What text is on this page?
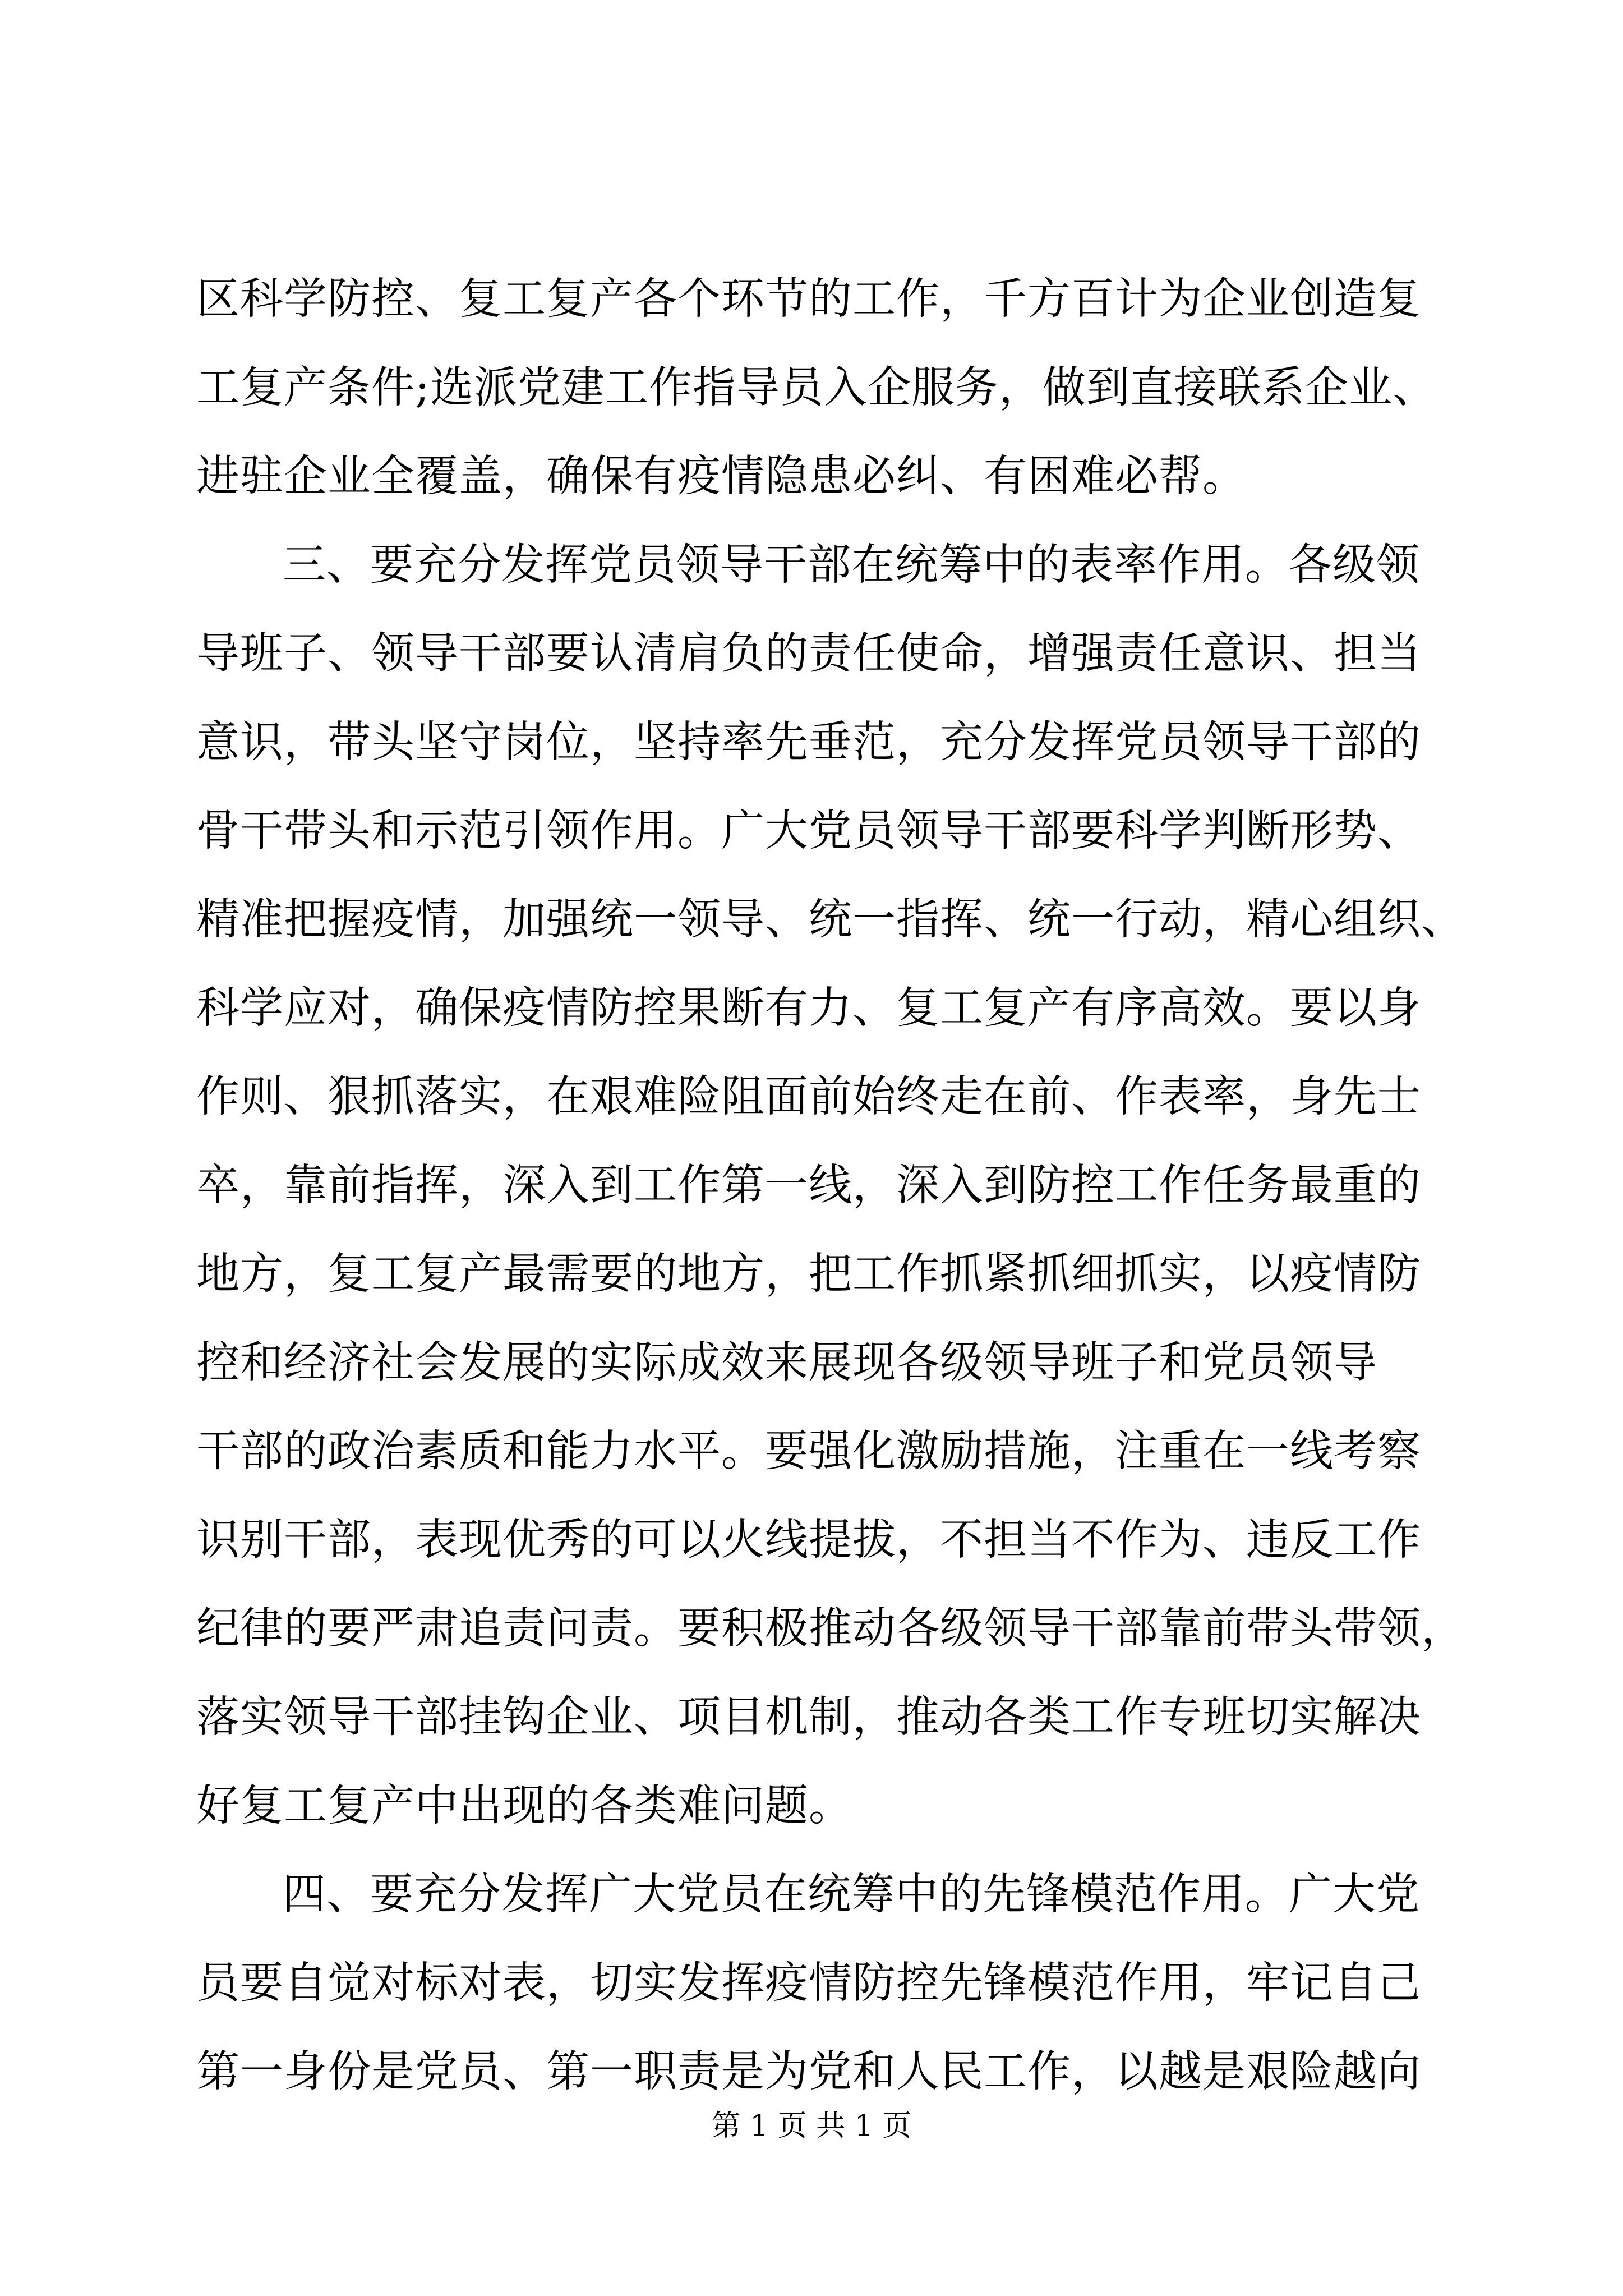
区科学防控、复工复产各个环节的工作，千方百计为企业创造复
工复产条件;选派党建工作指导员入企服务，做到直接联系企业、
进驻企业全覆盖，确保有疫情隐患必纠、有困难必帮。
三、要充分发挥党员领导干部在统筹中的表率作用。各级领
导班子、领导干部要认清肩负的责任使命，增强责任意识、担当
意识，带头坚守岗位，坚持率先垂范，充分发挥党员领导干部的
骨干带头和示范引领作用。广大党员领导干部要科学判断形势、
精准把握疫情，加强统一领导、统一指挥、统一行动，精心组织、
科学应对，确保疫情防控果断有力、复工复产有序高效。要以身
作则、狠抓落实，在艰难险阻面前始终走在前、作表率，身先士
卒，靠前指挥，深入到工作第一线，深入到防控工作任务最重的
地方，复工复产最需要的地方，把工作抓紧抓细抓实，以疫情防
控和经济社会发展的实际成效来展现各级领导班子和党员领导
干部的政治素质和能力水平。要强化激励措施，注重在一线考察
识别干部，表现优秀的可以火线提拔，不担当不作为、违反工作
纪律的要严肃追责问责。要积极推动各级领导干部靠前带头带领，
落实领导干部挂钩企业、项目机制，推动各类工作专班切实解决
好复工复产中出现的各类难问题。
四、要充分发挥广大党员在统筹中的先锋模范作用。广大党
员要自觉对标对表，切实发挥疫情防控先锋模范作用，牢记自己
第一身份是党员、第一职责是为党和人民工作，以越是艰险越向
第 1 页 共 1 页
